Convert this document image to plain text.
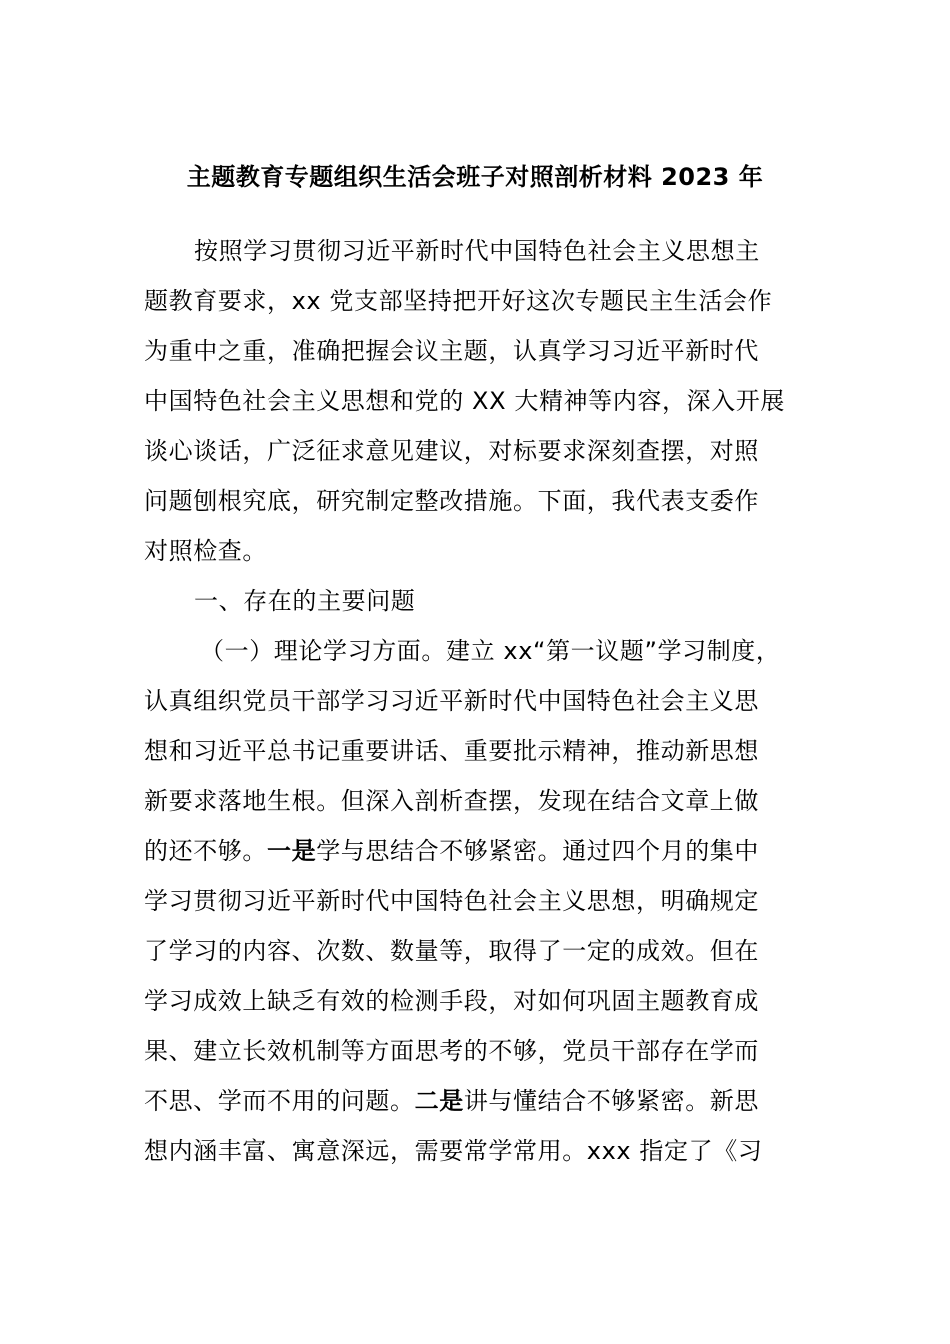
主题教育专题组织生活会班子对照剖析材料 2023 年
按照学习贯彻习近平新时代中国特色社会主义思想主
题教育要求，xx 党支部坚持把开好这次专题民主生活会作
为重中之重，准确把握会议主题，认真学习习近平新时代
中国特色社会主义思想和党的 XX 大精神等内容，深入开展
谈心谈话，广泛征求意见建议，对标要求深刻查摆，对照
问题刨根究底，研究制定整改措施。下面，我代表支委作
对照检查。
一、存在的主要问题
（一）理论学习方面。建立 xx“第一议题”学习制度，
认真组织党员干部学习习近平新时代中国特色社会主义思
想和习近平总书记重要讲话、重要批示精神，推动新思想
新要求落地生根。但深入剖析查摆，发现在结合文章上做
的还不够。一是学与思结合不够紧密。通过四个月的集中
学习贯彻习近平新时代中国特色社会主义思想，明确规定
了学习的内容、次数、数量等，取得了一定的成效。但在
学习成效上缺乏有效的检测手段，对如何巩固主题教育成
果、建立长效机制等方面思考的不够，党员干部存在学而
不思、学而不用的问题。二是讲与懂结合不够紧密。新思
想内涵丰富、寓意深远，需要常学常用。xxx 指定了《习
